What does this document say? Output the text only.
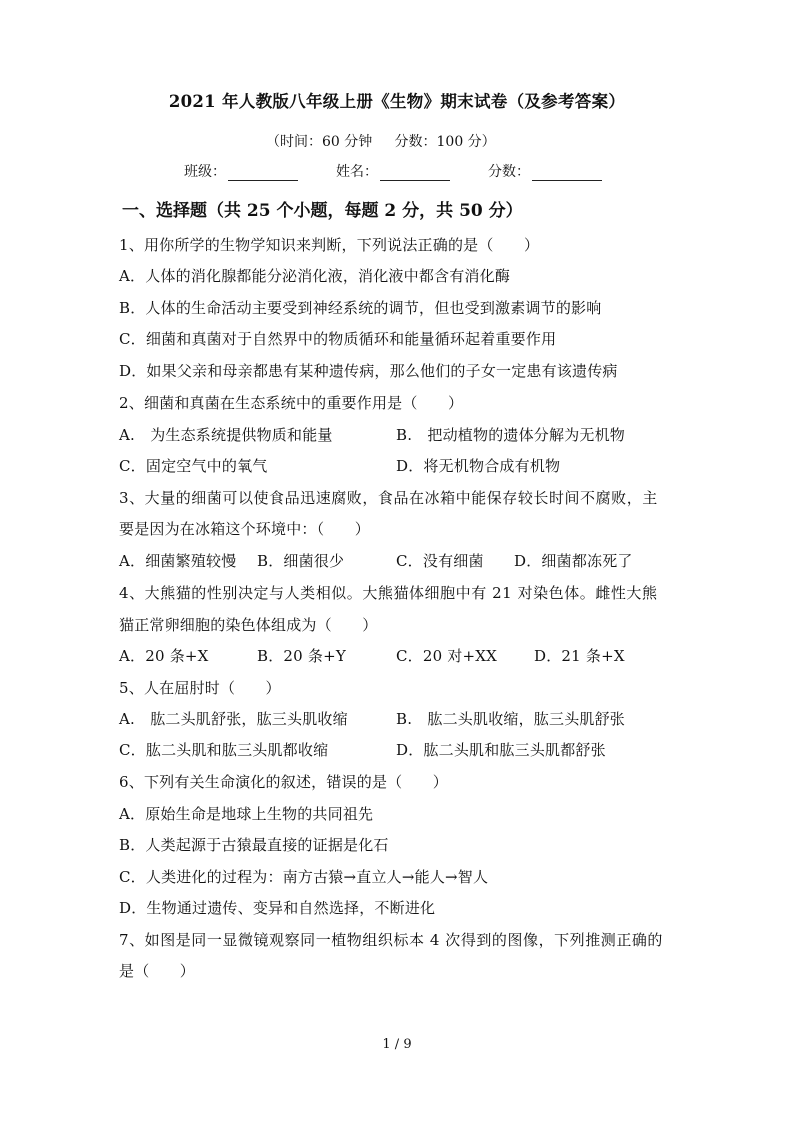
2021 年人教版八年级上册《生物》期末试卷（及参考答案）
（时间：60 分钟     分数：100 分）
班级：	姓名：	分数：
一、选择题（共 25 个小题，每题 2 分，共 50 分）
1、用你所学的生物学知识来判断，下列说法正确的是（　　）
A．人体的消化腺都能分泌消化液，消化液中都含有消化酶
B．人体的生命活动主要受到神经系统的调节，但也受到激素调节的影响
C．细菌和真菌对于自然界中的物质循环和能量循环起着重要作用
D．如果父亲和母亲都患有某种遗传病，那么他们的子女一定患有该遗传病
2、细菌和真菌在生态系统中的重要作用是（　　）
A.　为生态系统提供物质和能量	B.　把动植物的遗体分解为无机物
C．固定空气中的氧气	D．将无机物合成有机物
3、大量的细菌可以使食品迅速腐败，食品在冰箱中能保存较长时间不腐败，主
要是因为在冰箱这个环境中：（　　）
A．细菌繁殖较慢 B．细菌很少	C．没有细菌 D．细菌都冻死了
4、大熊猫的性别决定与人类相似。大熊猫体细胞中有 21 对染色体。雌性大熊
猫正常卵细胞的染色体组成为（　　）
A．20 条+X	B．20 条+Y	C．20 对+XX D．21 条+X
5、人在屈肘时（　　）
A.　肱二头肌舒张，肱三头肌收缩	B.　肱二头肌收缩，肱三头肌舒张
C．肱二头肌和肱三头肌都收缩	D．肱二头肌和肱三头肌都舒张
6、下列有关生命演化的叙述，错误的是（　　）
A．原始生命是地球上生物的共同祖先
B．人类起源于古猿最直接的证据是化石
C．人类进化的过程为：南方古猿→直立人→能人→智人
D．生物通过遗传、变异和自然选择，不断进化
7、如图是同一显微镜观察同一植物组织标本 4 次得到的图像，下列推测正确的
是（　　）
1 / 9
